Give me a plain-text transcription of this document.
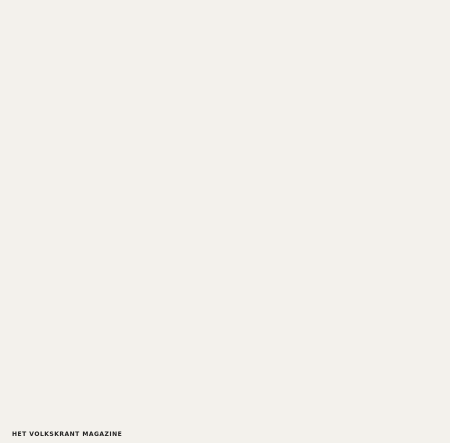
HET VOLKSKRANT MAGAZINE
